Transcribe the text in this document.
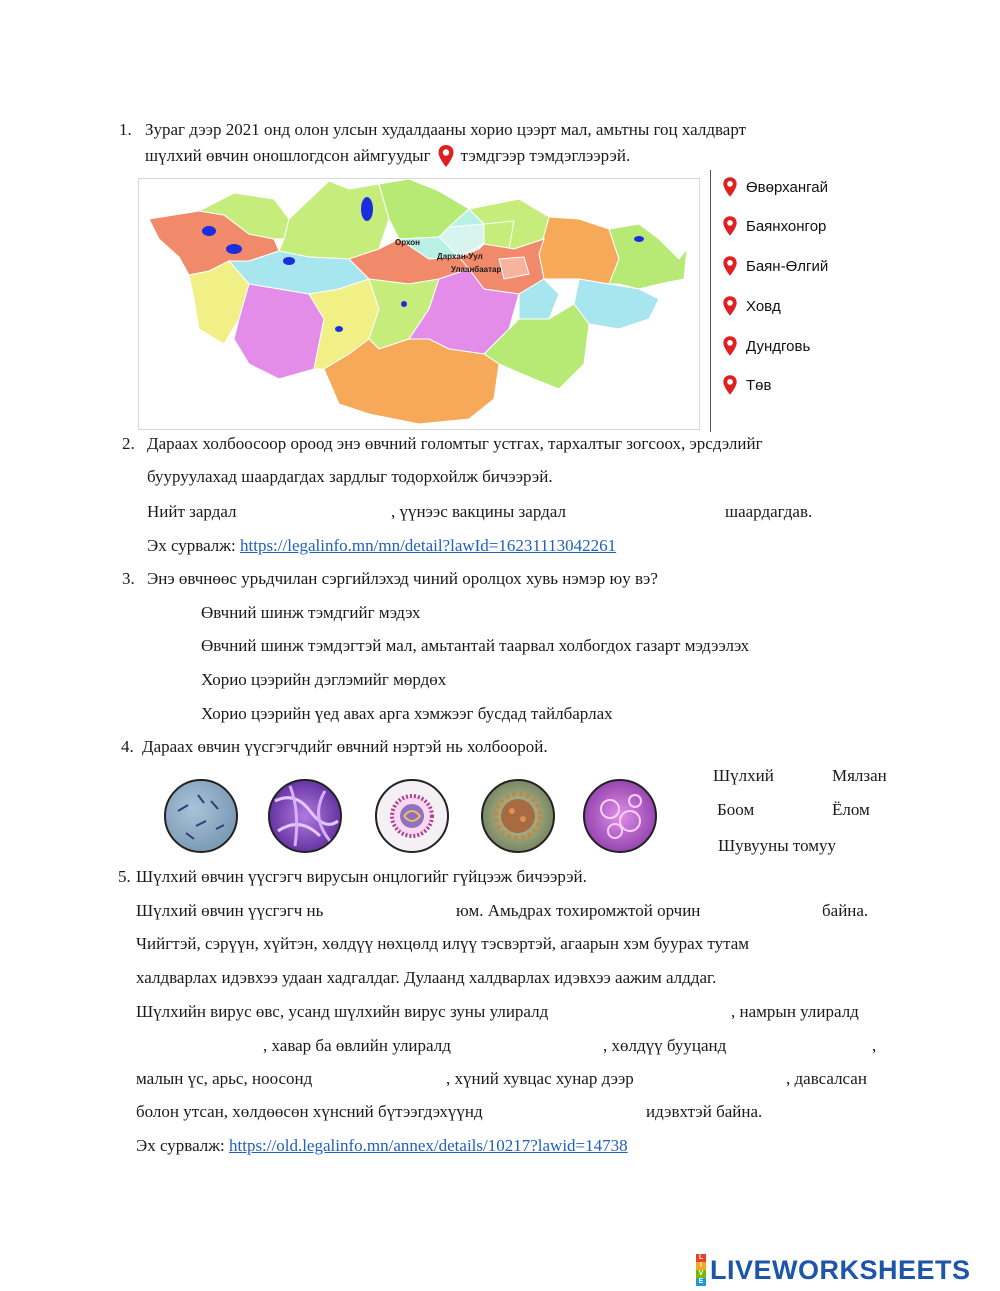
1. Зураг дээр 2021 онд олон улсын худалдааны хорио цээрт мал, амьтны гоц халдварт
шүлхий өвчин оношлогдсон аймгуудыг тэмдгээр тэмдэглээрэй.
Орхон
Дархан-Уул
Улаанбаатар
Өвөрхангай
Баянхонгор
Баян-Өлгий
Ховд
Дундговь
Төв
2. Дараах холбоосоор ороод энэ өвчний голомтыг устгах, тархалтыг зогсоох, эрсдэлийг
бууруулахад шаардагдах зардлыг тодорхойлж бичээрэй.
Нийт зардал	, үүнээс вакцины зардал	шаардагдав.
Эх сурвалж: https://legalinfo.mn/mn/detail?lawId=16231113042261
3. Энэ өвчнөөс урьдчилан сэргийлэхэд чиний оролцох хувь нэмэр юу вэ?
Өвчний шинж тэмдгийг мэдэх
Өвчний шинж тэмдэгтэй мал, амьтантай таарвал холбогдох газарт мэдээлэх
Хорио цээрийн дэглэмийг мөрдөх
Хорио цээрийн үед авах арга хэмжээг бусдад тайлбарлах
4. Дараах өвчин үүсгэгчдийг өвчний нэртэй нь холбоорой.
Шүлхий	Мялзан
Боом	Ёлом
Шувууны томуу
5. Шүлхий өвчин үүсгэгч вирусын онцлогийг гүйцээж бичээрэй.
Шүлхий өвчин үүсгэгч нь	юм. Амьдрах тохиромжтой орчин	байна.
Чийгтэй, сэрүүн, хүйтэн, хөлдүү нөхцөлд илүү тэсвэртэй, агаарын хэм буурах тутам
халдварлах идэвхээ удаан хадгалдаг. Дулаанд халдварлах идэвхээ аажим алддаг.
Шүлхийн вирус өвс, усанд шүлхийн вирус зуны улиралд	, намрын улиралд
, хавар ба өвлийн улиралд	, хөлдүү бууцанд	,
малын үс, арьс, ноосонд	, хүний хувцас хунар дээр	, давсалсан
болон утсан, хөлдөөсөн хүнсний бүтээгдэхүүнд	идэвхтэй байна.
Эх сурвалж: https://old.legalinfo.mn/annex/details/10217?lawid=14738
L
I
V
E LIVEWORKSHEETS
